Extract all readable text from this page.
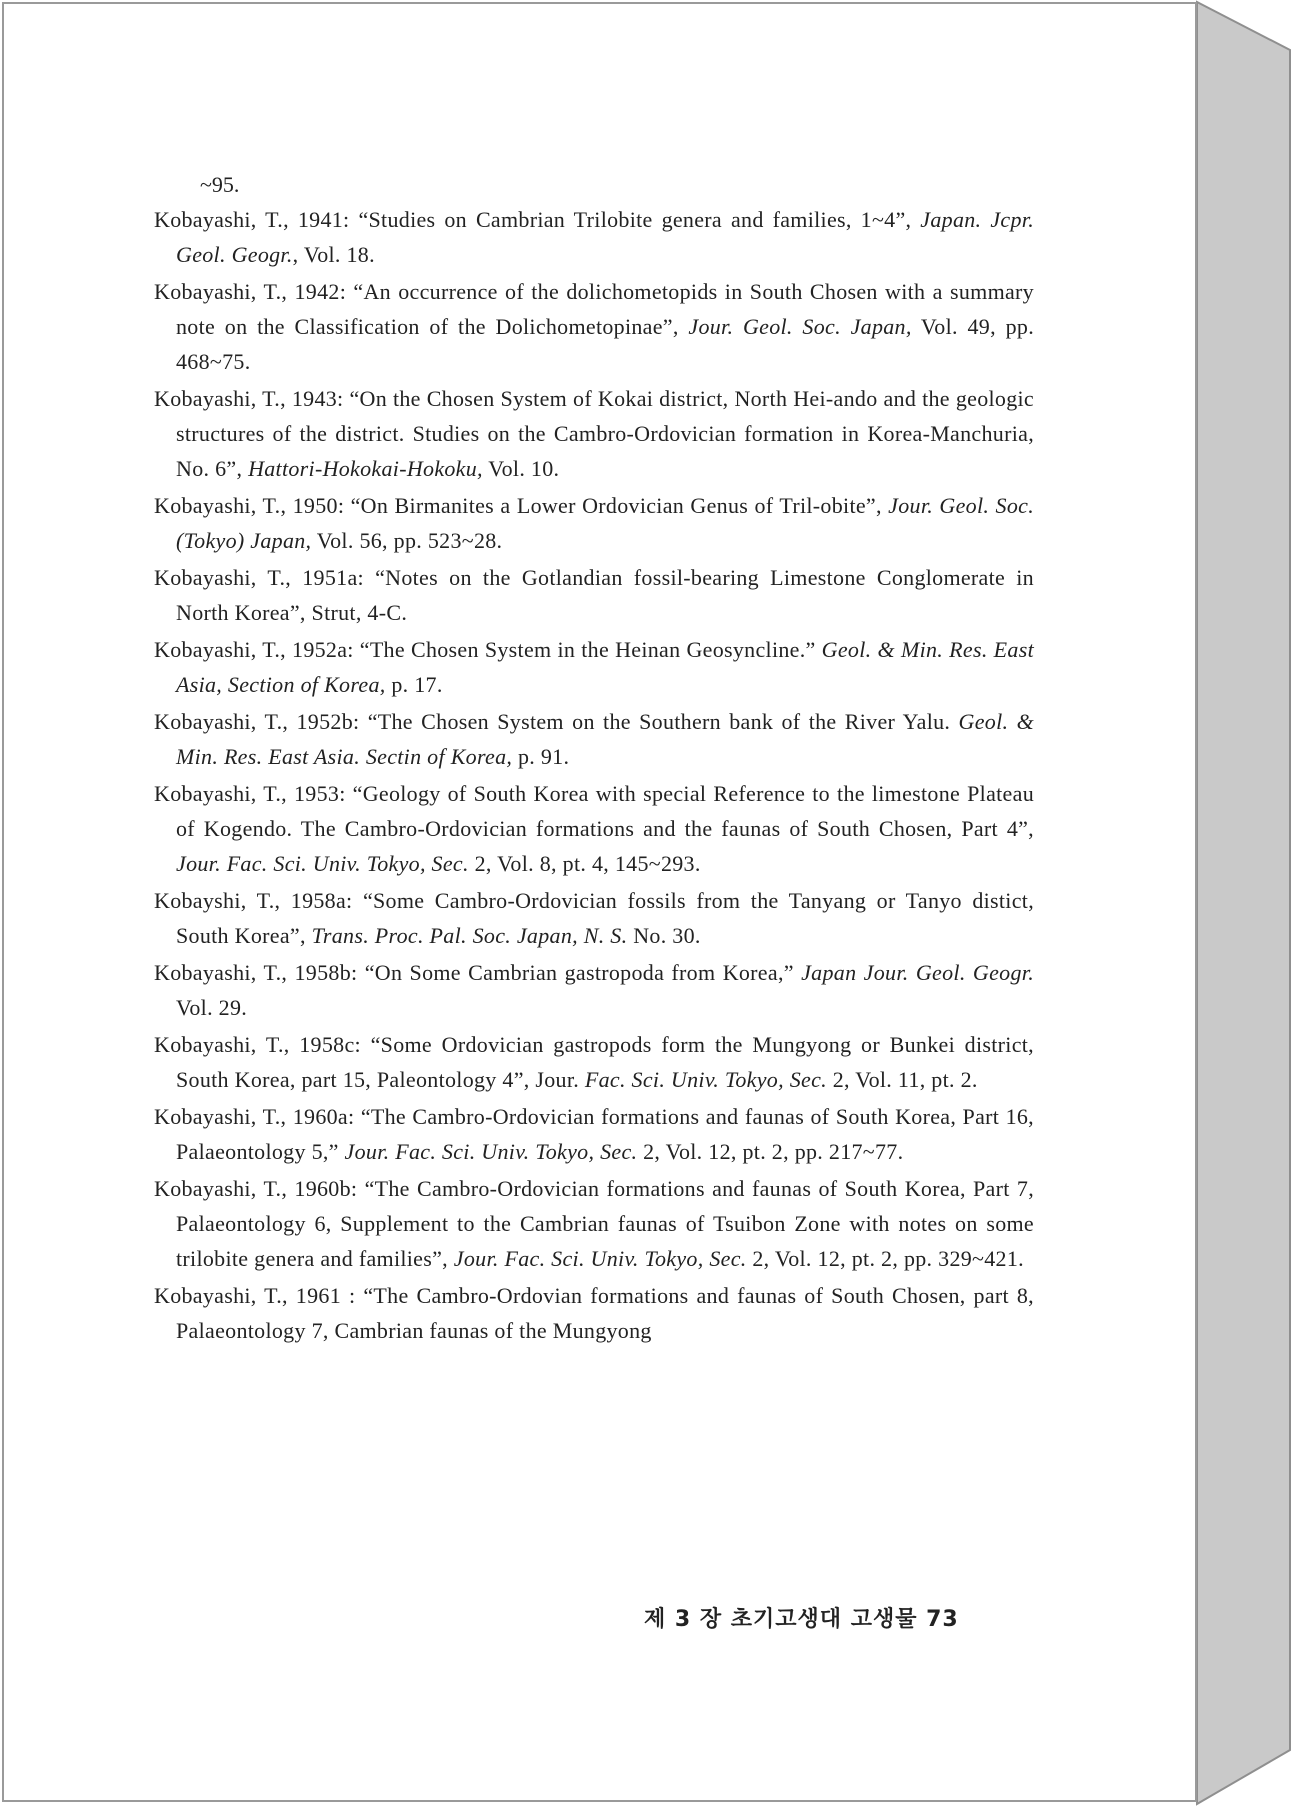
~95.

Kobayashi, T., 1941: “Studies on Cambrian Trilobite genera and families, 1~4”, Japan. Jcpr. Geol. Geogr., Vol. 18.

Kobayashi, T., 1942: “An occurrence of the dolichometopids in South Chosen with a summary note on the Classification of the Dolichometopinae”, Jour. Geol. Soc. Japan, Vol. 49, pp. 468~75.

Kobayashi, T., 1943: “On the Chosen System of Kokai district, North Hei-ando and the geologic structures of the district. Studies on the Cambro-Ordovician formation in Korea-Manchuria, No. 6”, Hattori-Hokokai-Hokoku, Vol. 10.

Kobayashi, T., 1950: “On Birmanites a Lower Ordovician Genus of Tril-obite”, Jour. Geol. Soc. (Tokyo) Japan, Vol. 56, pp. 523~28.

Kobayashi, T., 1951a: “Notes on the Gotlandian fossil-bearing Limestone Conglomerate in North Korea”, Strut, 4-C.

Kobayashi, T., 1952a: “The Chosen System in the Heinan Geosyncline.” Geol. & Min. Res. East Asia, Section of Korea, p. 17.

Kobayashi, T., 1952b: “The Chosen System on the Southern bank of the River Yalu. Geol. & Min. Res. East Asia. Sectin of Korea, p. 91.

Kobayashi, T., 1953: “Geology of South Korea with special Reference to the limestone Plateau of Kogendo. The Cambro-Ordovician formations and the faunas of South Chosen, Part 4”, Jour. Fac. Sci. Univ. Tokyo, Sec. 2, Vol. 8, pt. 4, 145~293.

Kobayshi, T., 1958a: “Some Cambro-Ordovician fossils from the Tanyang or Tanyo distict, South Korea”, Trans. Proc. Pal. Soc. Japan, N. S. No. 30.

Kobayashi, T., 1958b: “On Some Cambrian gastropoda from Korea,” Japan Jour. Geol. Geogr. Vol. 29.

Kobayashi, T., 1958c: “Some Ordovician gastropods form the Mungyong or Bunkei district, South Korea, part 15, Paleontology 4”, Jour. Fac. Sci. Univ. Tokyo, Sec. 2, Vol. 11, pt. 2.

Kobayashi, T., 1960a: “The Cambro-Ordovician formations and faunas of South Korea, Part 16, Palaeontology 5,” Jour. Fac. Sci. Univ. Tokyo, Sec. 2, Vol. 12, pt. 2, pp. 217~77.

Kobayashi, T., 1960b: “The Cambro-Ordovician formations and faunas of South Korea, Part 7, Palaeontology 6, Supplement to the Cambrian faunas of Tsuibon Zone with notes on some trilobite genera and families”, Jour. Fac. Sci. Univ. Tokyo, Sec. 2, Vol. 12, pt. 2, pp. 329~421.

Kobayashi, T., 1961 : “The Cambro-Ordovian formations and faunas of South Chosen, part 8, Palaeontology 7, Cambrian faunas of the Mungyong

제 3 장 초기고생대 고생물 73
